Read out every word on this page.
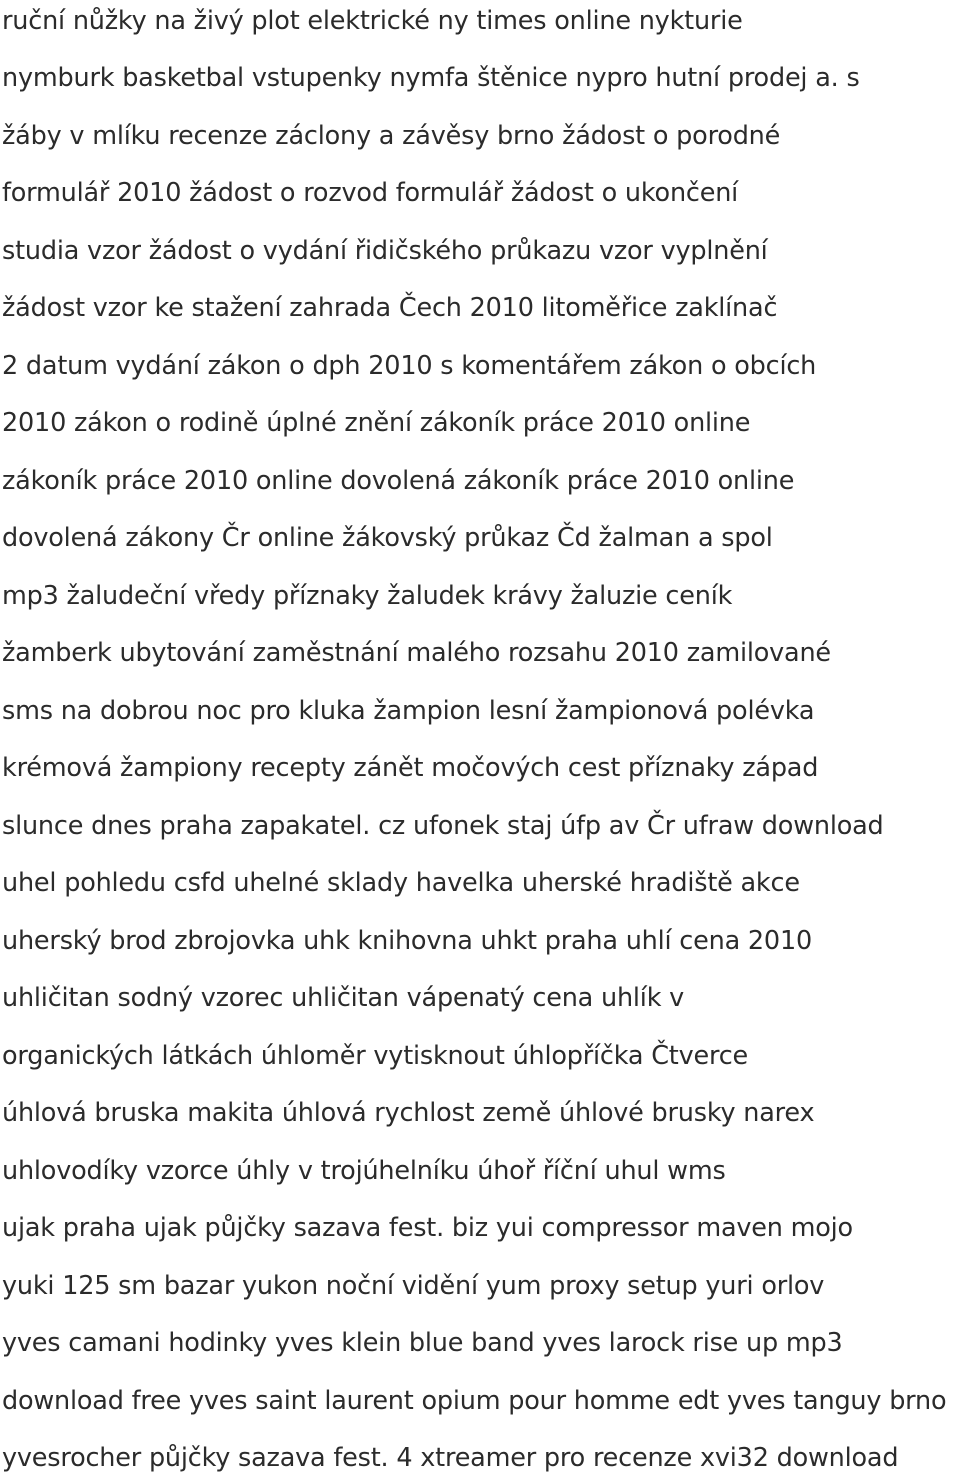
ruční nůžky na živý plot elektrické ny times online nykturie
nymburk basketbal vstupenky nymfa štěnice nypro hutní prodej a. s
žáby v mlíku recenze záclony a závěsy brno žádost o porodné
formulář 2010 žádost o rozvod formulář žádost o ukončení
studia vzor žádost o vydání řidičského průkazu vzor vyplnění
žádost vzor ke stažení zahrada Čech 2010 litoměřice zaklínač
2 datum vydání zákon o dph 2010 s komentářem zákon o obcích
2010 zákon o rodině úplné znění zákoník práce 2010 online
zákoník práce 2010 online dovolená zákoník práce 2010 online
dovolená zákony Čr online žákovský průkaz Čd žalman a spol
mp3 žaludeční vředy příznaky žaludek krávy žaluzie ceník
žamberk ubytování zaměstnání malého rozsahu 2010 zamilované
sms na dobrou noc pro kluka žampion lesní žampionová polévka
krémová žampiony recepty zánět močových cest příznaky západ
slunce dnes praha zapakatel. cz ufonek staj úfp av Čr ufraw download
uhel pohledu csfd uhelné sklady havelka uherské hradiště akce
uherský brod zbrojovka uhk knihovna uhkt praha uhlí cena 2010
uhličitan sodný vzorec uhličitan vápenatý cena uhlík v
organických látkách úhloměr vytisknout úhlopříčka Čtverce
úhlová bruska makita úhlová rychlost země úhlové brusky narex
uhlovodíky vzorce úhly v trojúhelníku úhoř říční uhul wms
ujak praha ujak půjčky sazava fest. biz yui compressor maven mojo
yuki 125 sm bazar yukon noční vidění yum proxy setup yuri orlov
yves camani hodinky yves klein blue band yves larock rise up mp3
download free yves saint laurent opium pour homme edt yves tanguy brno
yvesrocher půjčky sazava fest. 4 xtreamer pro recenze xvi32 download
